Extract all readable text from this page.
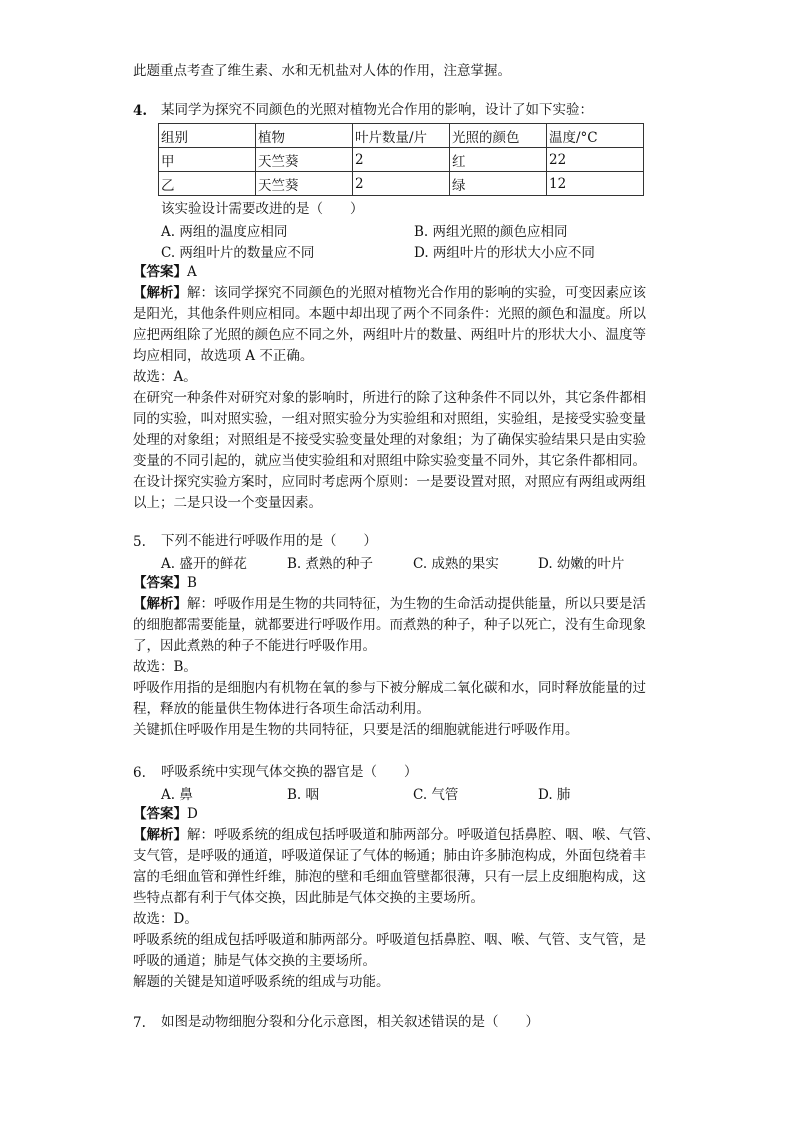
此题重点考查了维生素、水和无机盐对人体的作用，注意掌握。
4. 某同学为探究不同颜色的光照对植物光合作用的影响，设计了如下实验：
组别	植物	叶片数量/片	光照的颜色	温度/°C
甲	天竺葵	2	红	22
乙	天竺葵	2	绿	12
该实验设计需要改进的是（　　）
A. 两组的温度应相同	B. 两组光照的颜色应相同
C. 两组叶片的数量应不同	D. 两组叶片的形状大小应不同
【答案】A
【解析】解：该同学探究不同颜色的光照对植物光合作用的影响的实验，可变因素应该
是阳光，其他条件则应相同。本题中却出现了两个不同条件：光照的颜色和温度。所以
应把两组除了光照的颜色应不同之外，两组叶片的数量、两组叶片的形状大小、温度等
均应相同，故选项 A 不正确。
故选：A。
在研究一种条件对研究对象的影响时，所进行的除了这种条件不同以外，其它条件都相
同的实验，叫对照实验，一组对照实验分为实验组和对照组，实验组，是接受实验变量
处理的对象组；对照组是不接受实验变量处理的对象组；为了确保实验结果只是由实验
变量的不同引起的，就应当使实验组和对照组中除实验变量不同外，其它条件都相同。
在设计探究实验方案时，应同时考虑两个原则：一是要设置对照，对照应有两组或两组
以上；二是只设一个变量因素。
5. 下列不能进行呼吸作用的是（　　）
A. 盛开的鲜花	B. 煮熟的种子	C. 成熟的果实	D. 幼嫩的叶片
【答案】B
【解析】解：呼吸作用是生物的共同特征，为生物的生命活动提供能量，所以只要是活
的细胞都需要能量，就都要进行呼吸作用。而煮熟的种子，种子以死亡，没有生命现象
了，因此煮熟的种子不能进行呼吸作用。
故选：B。
呼吸作用指的是细胞内有机物在氧的参与下被分解成二氧化碳和水，同时释放能量的过
程，释放的能量供生物体进行各项生命活动利用。
关键抓住呼吸作用是生物的共同特征，只要是活的细胞就能进行呼吸作用。
6. 呼吸系统中实现气体交换的器官是（　　）
A. 鼻	B. 咽	C. 气管	D. 肺
【答案】D
【解析】解：呼吸系统的组成包括呼吸道和肺两部分。呼吸道包括鼻腔、咽、喉、气管、
支气管，是呼吸的通道，呼吸道保证了气体的畅通；肺由许多肺泡构成，外面包绕着丰
富的毛细血管和弹性纤维，肺泡的壁和毛细血管壁都很薄，只有一层上皮细胞构成，这
些特点都有利于气体交换，因此肺是气体交换的主要场所。
故选：D。
呼吸系统的组成包括呼吸道和肺两部分。呼吸道包括鼻腔、咽、喉、气管、支气管，是
呼吸的通道；肺是气体交换的主要场所。
解题的关键是知道呼吸系统的组成与功能。
7. 如图是动物细胞分裂和分化示意图，相关叙述错误的是（　　）
